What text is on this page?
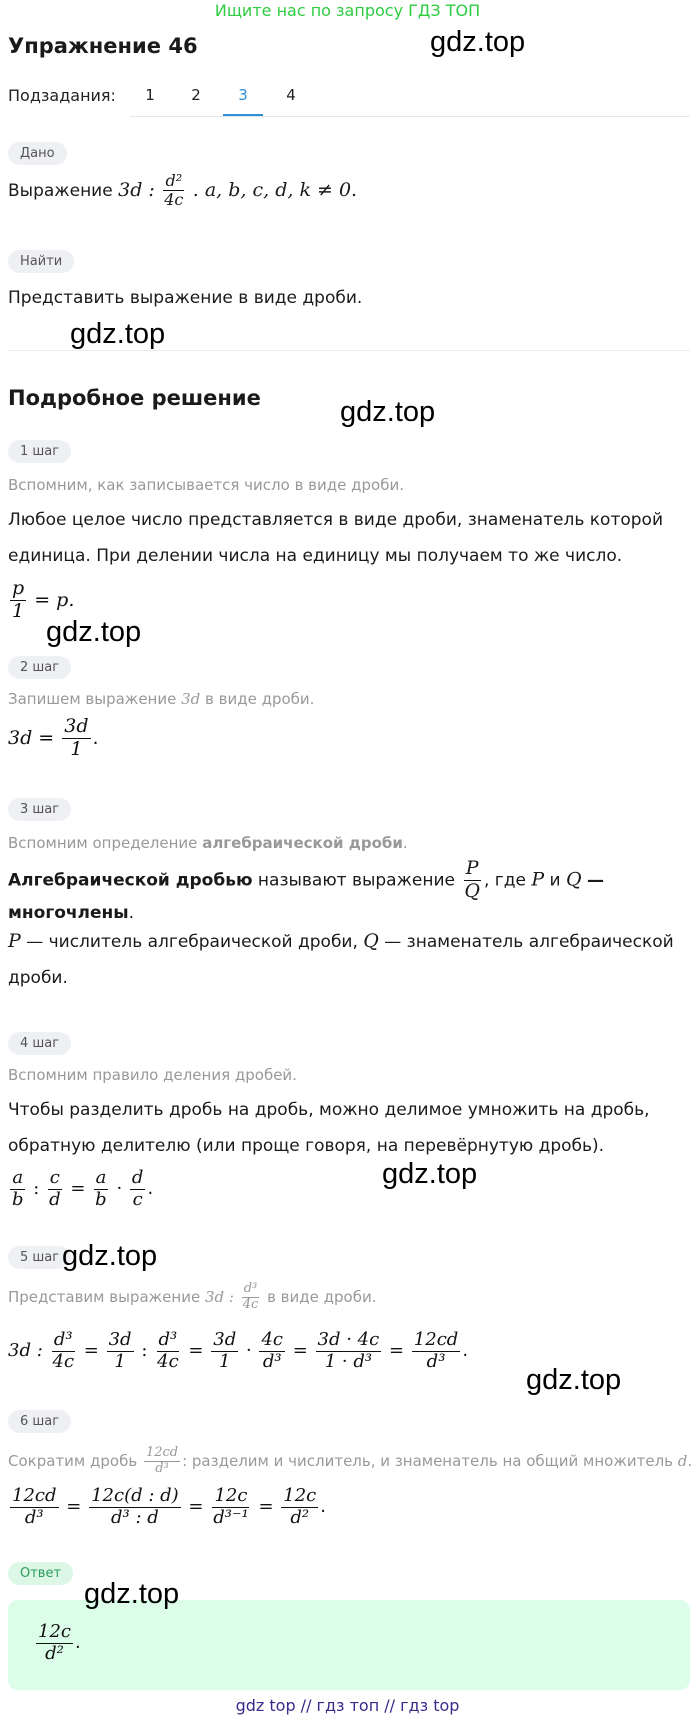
Ищите нас по запросу ГДЗ ТОП
Упражнение 46	gdz.top
Подзадания:	1	2	3	4
Дано
Выражение 3d : $\frac{\text{d²}}{4c}$ . a, b, c, d, k ≠ 0.
Найти
Представить выражение в виде дроби.
gdz.top
Подробное решение	gdz.top
1 шаг
Вспомним, как записывается число в виде дроби.
Любое целое число представляется в виде дроби, знаменатель которой
единица. При делении числа на единицу мы получаем то же число.
$\frac{p}{1} = p$.
gdz.top
2 шаг
Запишем выражение 3d в виде дроби.
$3d = \frac{3d}{1}$ .
3 шаг
Вспомним определение алгебраической дроби.
Алгебраической дробью называют выражение $\frac{P}{Q}$ , где P и Q — многочлены.
P — числитель алгебраической дроби, Q — знаменатель алгебраической
дроби.
4 шаг
Вспомним правило деления дробей.
Чтобы разделить дробь на дробь, можно делимое умножить на дробь,
обратную делителю (или проще говоря, на перевёрнутую дробь).
$\frac{a}{b}$ : $\frac{c}{d} = \frac{a}{b} \cdot \frac{d}{c}$ .	gdz.top
5 шаг gdz.top
Представим выражение 3d : $\frac{\text{d³}}{4c}$ в виде дроби.
3d : $\frac{\text{d³}}{4c} = \frac{3d}{1}$ : $\frac{\text{d³}}{4c} = \frac{3d}{1} \cdot \frac{4c}{\text{d³}} = \frac{3d \cdot 4c}{\text{1 · d³}} = \frac{12cd}{\text{d³}}$ .
gdz.top
6 шаг
Сократим дробь $\frac{12cd}{\text{d³}}$ : разделим и числитель, и знаменатель на общий множитель d.
$\frac{12cd}{\text{d³}} = \frac{12c(d : d)}{\text{d³ : d}} = \frac{12c}{\text{d³⁻¹}} = \frac{12c}{\text{d²}}$ .
Ответ
$\frac{12c}{\text{d²}}$ .
gdz.top
gdz top // гдз топ // гдз top
